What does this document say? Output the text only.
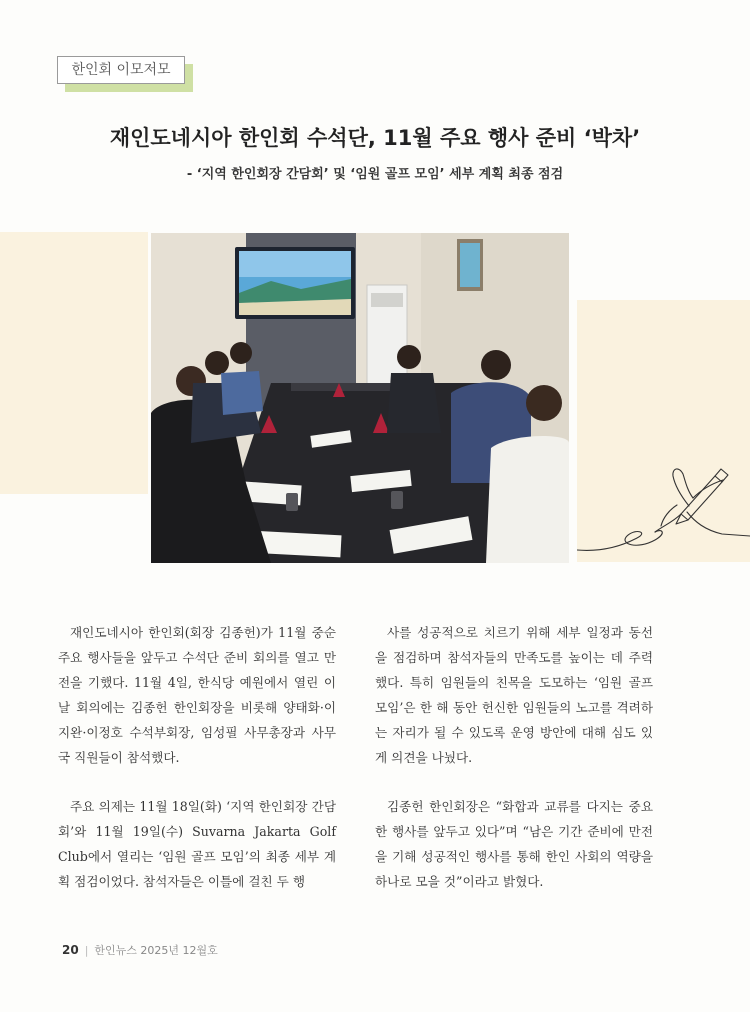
한인회 이모저모
재인도네시아 한인회 수석단, 11월 주요 행사 준비 ‘박차’
- ‘지역 한인회장 간담회’ 및 ‘임원 골프 모임’ 세부 계획 최종 점검

재인도네시아 한인회(회장 김종헌)가 11월 중순 주요 행사들을 앞두고 수석단 준비 회의를 열고 만전을 기했다. 11월 4일, 한식당 예원에서 열린 이날 회의에는 김종헌 한인회장을 비롯해 양태화·이지완·이정호 수석부회장, 임성필 사무총장과 사무국 직원들이 참석했다.

주요 의제는 11월 18일(화) ‘지역 한인회장 간담회’와 11월 19일(수) Suvarna Jakarta Golf Club에서 열리는 ‘임원 골프 모임’의 최종 세부 계획 점검이었다. 참석자들은 이틀에 걸친 두 행

사를 성공적으로 치르기 위해 세부 일정과 동선을 점검하며 참석자들의 만족도를 높이는 데 주력했다. 특히 임원들의 친목을 도모하는 ‘임원 골프 모임’은 한 해 동안 헌신한 임원들의 노고를 격려하는 자리가 될 수 있도록 운영 방안에 대해 심도 있게 의견을 나눴다.

김종헌 한인회장은 “화합과 교류를 다지는 중요한 행사를 앞두고 있다”며 “남은 기간 준비에 만전을 기해 성공적인 행사를 통해 한인 사회의 역량을 하나로 모을 것”이라고 밝혔다.

20 | 한인뉴스 2025년 12월호
